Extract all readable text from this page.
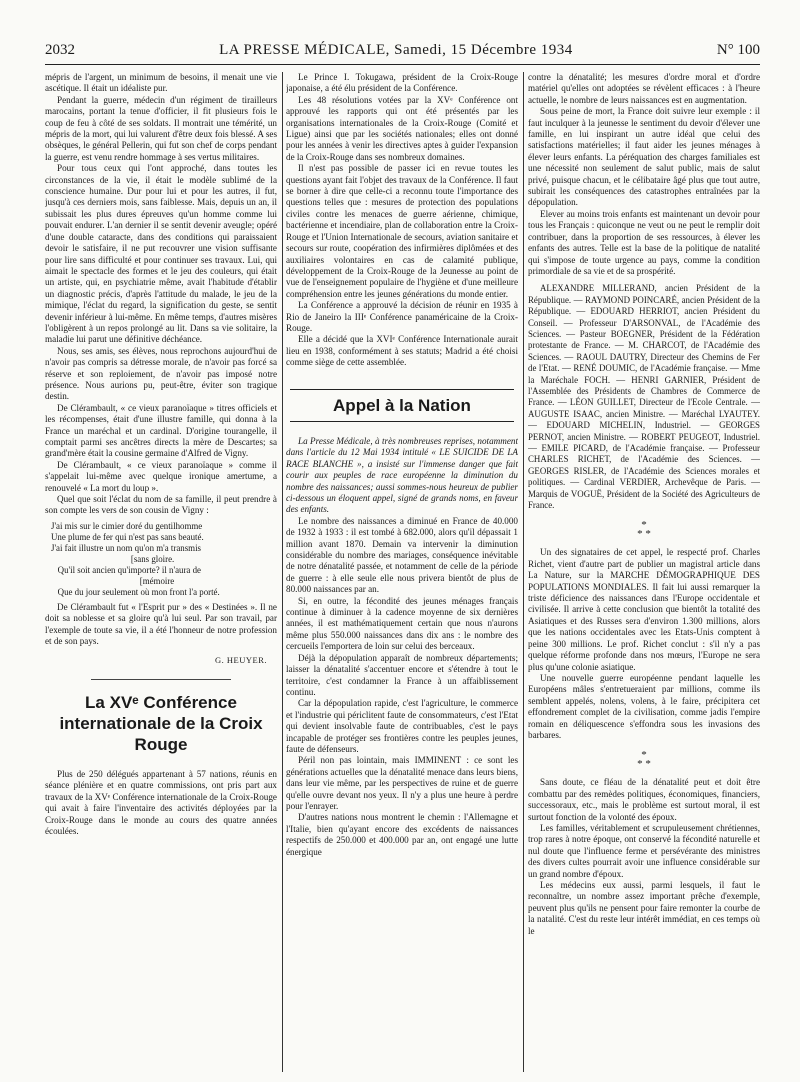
2032	LA PRESSE MÉDICALE, Samedi, 15 Décembre 1934	N° 100

mépris de l'argent, un minimum de besoins, il menait une vie ascétique. Il était un idéaliste pur.

Pendant la guerre, médecin d'un régiment de tirailleurs marocains, portant la tenue d'officier, il fit plusieurs fois le coup de feu à côté de ses soldats. Il montrait une témérité, un mépris de la mort, qui lui valurent d'être deux fois blessé. A ses obsèques, le général Pellerin, qui fut son chef de corps pendant la guerre, est venu rendre hommage à ses vertus militaires.

Pour tous ceux qui l'ont approché, dans toutes les circonstances de la vie, il était le modèle sublimé de la conscience humaine. Dur pour lui et pour les autres, il fut, jusqu'à ces derniers mois, sans faiblesse. Mais, depuis un an, il subissait les plus dures épreuves qu'un homme comme lui pouvait endurer. L'an dernier il se sentit devenir aveugle; opéré d'une double cataracte, dans des conditions qui paraissaient devoir le satisfaire, il ne put recouvrer une vision suffisante pour lire sans difficulté et pour continuer ses travaux. Lui, qui aimait le spectacle des formes et le jeu des couleurs, qui était un artiste, qui, en psychiatrie même, avait l'habitude d'établir un diagnostic précis, d'après l'attitude du malade, le jeu de la mimique, l'éclat du regard, la signification du geste, se sentit devenir inférieur à lui-même. En même temps, d'autres misères l'obligèrent à un repos prolongé au lit. Dans sa vie solitaire, la maladie lui parut une définitive déchéance.

Nous, ses amis, ses élèves, nous reprochons aujourd'hui de n'avoir pas compris sa détresse morale, de n'avoir pas forcé sa réserve et son reploiement, de n'avoir pas imposé notre présence. Nous aurions pu, peut-être, éviter son tragique destin.

De Clérambault, « ce vieux paranoïaque » titres officiels et les récompenses, était d'une illustre famille, qui donna à la France un maréchal et un cardinal. D'origine tourangelle, il comptait parmi ses ancêtres directs la mère de Descartes; sa grand'mère était la cousine germaine d'Alfred de Vigny.

De Clérambault, « ce vieux paranoïaque » comme il s'appelait lui-même avec quelque ironique amertume, a renouvelé « La mort du loup ».

Quel que soit l'éclat du nom de sa famille, il peut prendre à son compte les vers de son cousin de Vigny :

J'ai mis sur le cimier doré du gentilhomme
Une plume de fer qui n'est pas sans beauté.
J'ai fait illustre un nom qu'on m'a transmis
[sans gloire.
Qu'il soit ancien qu'importe? il n'aura de
[mémoire
Que du jour seulement où mon front l'a porté.

De Clérambault fut « l'Esprit pur » des « Destinées ». Il ne doit sa noblesse et sa gloire qu'à lui seul. Par son travail, par l'exemple de toute sa vie, il a été l'honneur de notre profession et de son pays.

G. HEUYER.
La XVᵉ Conférence internationale de la Croix Rouge

Plus de 250 délégués appartenant à 57 nations, réunis en séance plénière et en quatre commissions, ont pris part aux travaux de la XVᵉ Conférence internationale de la Croix-Rouge qui avait à faire l'inventaire des activités déployées par la Croix-Rouge dans le monde au cours des quatre années écoulées.

Le Prince I. Tokugawa, président de la Croix-Rouge japonaise, a été élu président de la Conférence.

Les 48 résolutions votées par la XVᵉ Conférence ont approuvé les rapports qui ont été présentés par les organisations internationales de la Croix-Rouge (Comité et Ligue) ainsi que par les sociétés nationales; elles ont donné pour les années à venir les directives aptes à guider l'expansion de la Croix-Rouge dans ses nombreux domaines.

Il n'est pas possible de passer ici en revue toutes les questions ayant fait l'objet des travaux de la Conférence. Il faut se borner à dire que celle-ci a reconnu toute l'importance des questions telles que : mesures de protection des populations civiles contre les menaces de guerre aérienne, chimique, bactérienne et incendiaire, plan de collaboration entre la Croix-Rouge et l'Union Internationale de secours, aviation sanitaire et secours sur route, coopération des infirmières diplômées et des auxiliaires volontaires en cas de calamité publique, développement de la Croix-Rouge de la Jeunesse au point de vue de l'enseignement populaire de l'hygiène et d'une meilleure compréhension entre les jeunes générations du monde entier.

La Conférence a approuvé la décision de réunir en 1935 à Rio de Janeiro la IIIᵉ Conférence panaméricaine de la Croix-Rouge.

Elle a décidé que la XVIᵉ Conférence Internationale aurait lieu en 1938, conformément à ses statuts; Madrid a été choisi comme siège de cette assemblée.

Appel à la Nation

La Presse Médicale, à très nombreuses reprises, notamment dans l'article du 12 Mai 1934 intitulé « LE SUICIDE DE LA RACE BLANCHE », a insisté sur l'immense danger que fait courir aux peuples de race européenne la diminution du nombre des naissances; aussi sommes-nous heureux de publier ci-dessous un éloquent appel, signé de grands noms, en faveur des enfants.

Le nombre des naissances a diminué en France de 40.000 de 1932 à 1933 : il est tombé à 682.000, alors qu'il dépassait 1 million avant 1870. Demain va intervenir la diminution considérable du nombre des mariages, conséquence inévitable de notre dénatalité passée, et notamment de celle de la période de guerre : à elle seule elle nous privera bientôt de plus de 80.000 naissances par an.

Si, en outre, la fécondité des jeunes ménages français continue à diminuer à la cadence moyenne de six dernières années, il est mathématiquement certain que nous n'aurons même plus 550.000 naissances dans dix ans : le nombre des cercueils l'emportera de loin sur celui des berceaux.

Déjà la dépopulation apparaît de nombreux départements; laisser la dénatalité s'accentuer encore et s'étendre à tout le territoire, c'est condamner la France à un affaiblissement continu.

Car la dépopulation rapide, c'est l'agriculture, le commerce et l'industrie qui périclitent faute de consommateurs, c'est l'Etat qui devient insolvable faute de contribuables, c'est le pays incapable de protéger ses frontières contre les peuples jeunes, faute de défenseurs.

Péril non pas lointain, mais IMMINENT : ce sont les générations actuelles que la dénatalité menace dans leurs biens, dans leur vie même, par les perspectives de ruine et de guerre qu'elle ouvre devant nos yeux. Il n'y a plus une heure à perdre pour l'enrayer.

D'autres nations nous montrent le chemin : l'Allemagne et l'Italie, bien qu'ayant encore des excédents de naissances respectifs de 250.000 et 400.000 par an, ont engagé une lutte énergique

contre la dénatalité; les mesures d'ordre moral et d'ordre matériel qu'elles ont adoptées se révèlent efficaces : à l'heure actuelle, le nombre de leurs naissances est en augmentation.

Sous peine de mort, la France doit suivre leur exemple : il faut inculquer à la jeunesse le sentiment du devoir d'élever une famille, en lui inspirant un autre idéal que celui des satisfactions matérielles; il faut aider les jeunes ménages à élever leurs enfants. La péréquation des charges familiales est une nécessité non seulement de salut public, mais de salut privé, puisque chacun, et le célibataire âgé plus que tout autre, subirait les conséquences des catastrophes entraînées par la dépopulation.

Elever au moins trois enfants est maintenant un devoir pour tous les Français : quiconque ne veut ou ne peut le remplir doit contribuer, dans la proportion de ses ressources, à élever les enfants des autres. Telle est la base de la politique de natalité qui s'impose de toute urgence au pays, comme la condition primordiale de sa vie et de sa prospérité.

ALEXANDRE MILLERAND, ancien Président de la République. — RAYMOND POINCARÉ, ancien Président de la République. — EDOUARD HERRIOT, ancien Président du Conseil. — Professeur D'ARSONVAL, de l'Académie des Sciences. — Pasteur BOEGNER, Président de la Fédération protestante de France. — M. CHARCOT, de l'Académie des Sciences. — RAOUL DAUTRY, Directeur des Chemins de Fer de l'Etat. — RENÉ DOUMIC, de l'Académie française. — Mme la Maréchale FOCH. — HENRI GARNIER, Président de l'Assemblée des Présidents de Chambres de Commerce de France. — LÉON GUILLET, Directeur de l'Ecole Centrale. — AUGUSTE ISAAC, ancien Ministre. — Maréchal LYAUTEY. — EDOUARD MICHELIN, Industriel. — GEORGES PERNOT, ancien Ministre. — ROBERT PEUGEOT, Industriel. — EMILE PICARD, de l'Académie française. — Professeur CHARLES RICHET, de l'Académie des Sciences. — GEORGES RISLER, de l'Académie des Sciences morales et politiques. — Cardinal VERDIER, Archevêque de Paris. — Marquis de VOGUË, Président de la Société des Agriculteurs de France.

*
* *

Un des signataires de cet appel, le respecté prof. Charles Richet, vient d'autre part de publier un magistral article dans La Nature, sur la MARCHE DÉMOGRAPHIQUE DES POPULATIONS MONDIALES. Il fait lui aussi remarquer la triste déficience des naissances dans l'Europe occidentale et civilisée. Il arrive à cette conclusion que bientôt la totalité des Asiatiques et des Russes sera d'environ 1.300 millions, alors que les nations occidentales avec les Etats-Unis comptent à peine 300 millions. Le prof. Richet conclut : s'il n'y a pas quelque réforme profonde dans nos mœurs, l'Europe ne sera plus qu'une colonie asiatique.

Une nouvelle guerre européenne pendant laquelle les Européens mâles s'entretueraient par millions, comme ils semblent appelés, nolens, volens, à le faire, précipitera cet effondrement complet de la civilisation, comme jadis l'empire romain en déliquescence s'effondra sous les invasions des barbares.

*
* *

Sans doute, ce fléau de la dénatalité peut et doit être combattu par des remèdes politiques, économiques, financiers, successoraux, etc., mais le problème est surtout moral, il est surtout fonction de la volonté des époux.

Les familles, véritablement et scrupuleusement chrétiennes, trop rares à notre époque, ont conservé la fécondité naturelle et nul doute que l'influence ferme et persévérante des ministres des divers cultes pourrait avoir une influence considérable sur un grand nombre d'époux.

Les médecins eux aussi, parmi lesquels, il faut le reconnaître, un nombre assez important prêche d'exemple, peuvent plus qu'ils ne pensent pour faire remonter la courbe de la natalité. C'est du reste leur intérêt immédiat, en ces temps où le
